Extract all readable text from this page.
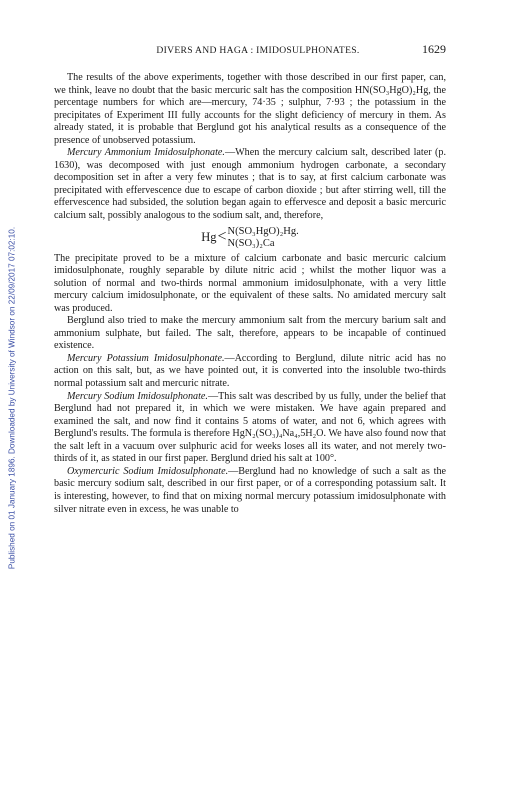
Published on 01 January 1896. Downloaded by University of Windsor on 22/09/2017 07:02:10.
DIVERS AND HAGA : IMIDOSULPHONATES.	1629

The results of the above experiments, together with those described in our first paper, can, we think, leave no doubt that the basic mercuric salt has the composition HN(SO₃HgO)₂Hg, the percentage numbers for which are—mercury, 74·35 ; sulphur, 7·93 ; the potassium in the precipitates of Experiment III fully accounts for the slight deficiency of mercury in them. As already stated, it is probable that Berglund got his analytical results as a consequence of the presence of unobserved potassium.

Mercury Ammonium Imidosulphonate.—When the mercury calcium salt, described later (p. 1630), was decomposed with just enough ammonium hydrogen carbonate, a secondary decomposition set in after a very few minutes ; that is to say, at first calcium carbonate was precipitated with effervescence due to escape of carbon dioxide ; but after stirring well, till the effervescence had subsided, the solution began again to effervesce and deposit a basic mercuric calcium salt, possibly analogous to the sodium salt, and, therefore,

Hg < N(SO₃HgO)₂Hg.
N(SO₃)₂Ca

The precipitate proved to be a mixture of calcium carbonate and basic mercuric calcium imidosulphonate, roughly separable by dilute nitric acid ; whilst the mother liquor was a solution of normal and two-thirds normal ammonium imidosulphonate, with a very little mercury calcium imidosulphonate, or the equivalent of these salts. No amidated mercury salt was produced.

Berglund also tried to make the mercury ammonium salt from the mercury barium salt and ammonium sulphate, but failed. The salt, therefore, appears to be incapable of continued existence.

Mercury Potassium Imidosulphonate.—According to Berglund, dilute nitric acid has no action on this salt, but, as we have pointed out, it is converted into the insoluble two-thirds normal potassium salt and mercuric nitrate.

Mercury Sodium Imidosulphonate.—This salt was described by us fully, under the belief that Berglund had not prepared it, in which we were mistaken. We have again prepared and examined the salt, and now find it contains 5 atoms of water, and not 6, which agrees with Berglund's results. The formula is therefore HgN₂(SO₃)₄Na₄,5H₂O. We have also found now that the salt left in a vacuum over sulphuric acid for weeks loses all its water, and not merely two-thirds of it, as stated in our first paper. Berglund dried his salt at 100°.

Oxymercuric Sodium Imidosulphonate.—Berglund had no knowledge of such a salt as the basic mercury sodium salt, described in our first paper, or of a corresponding potassium salt. It is interesting, however, to find that on mixing normal mercury potassium imidosulphonate with silver nitrate even in excess, he was unable to
